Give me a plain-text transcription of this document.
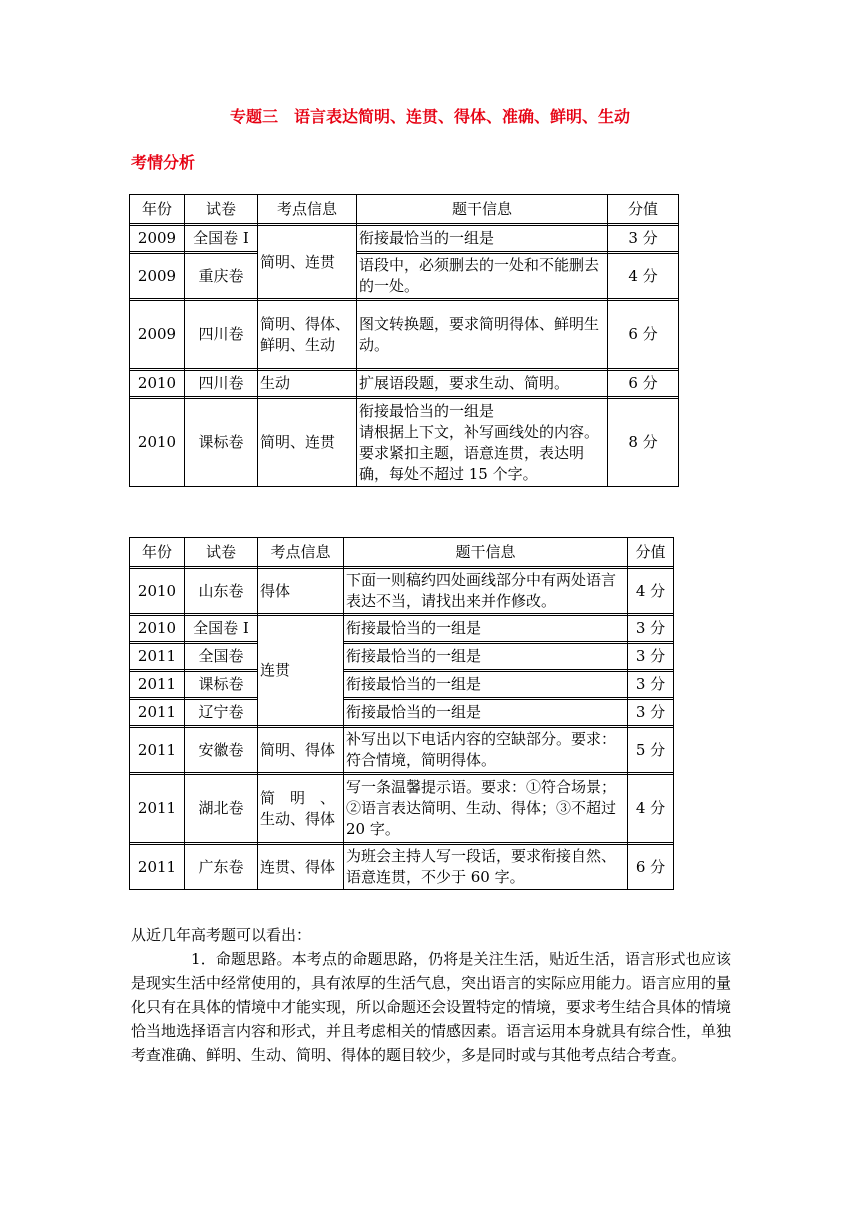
专题三　语言表达简明、连贯、得体、准确、鲜明、生动
考情分析
年份	试卷	考点信息	题干信息	分值

2009	全国卷 I	简明、连贯	衔接最恰当的一组是	3 分

2009	重庆卷		语段中，必须删去的一处和不能删去的一处。	4 分

2009	四川卷	简明、得体、鲜明、生动	图文转换题，要求简明得体、鲜明生动。	6 分

2010	四川卷	生动	扩展语段题，要求生动、简明。	6 分

2010	课标卷	简明、连贯	衔接最恰当的一组是
请根据上下文，补写画线处的内容。要求紧扣主题，语意连贯，表达明确，每处不超过 15 个字。	8 分
年份	试卷	考点信息	题干信息	分值

2010	山东卷	得体	下面一则稿约四处画线部分中有两处语言表达不当，请找出来并作修改。	4 分

2010	全国卷 I	连贯	衔接最恰当的一组是	3 分

2011	全国卷		衔接最恰当的一组是	3 分

2011	课标卷		衔接最恰当的一组是	3 分

2011	辽宁卷		衔接最恰当的一组是	3 分

2011	安徽卷	简明、得体	补写出以下电话内容的空缺部分。要求：符合情境，简明得体。	5 分

2011	湖北卷	简　明　、生动、得体	写一条温馨提示语。要求：①符合场景；②语言表达简明、生动、得体；③不超过 20 字。	4 分

2011	广东卷	连贯、得体	为班会主持人写一段话，要求衔接自然、语意连贯，不少于 60 字。	6 分
从近几年高考题可以看出：
1．命题思路。本考点的命题思路，仍将是关注生活，贴近生活，语言形式也应该是现实生活中经常使用的，具有浓厚的生活气息，突出语言的实际应用能力。语言应用的量化只有在具体的情境中才能实现，所以命题还会设置特定的情境，要求考生结合具体的情境恰当地选择语言内容和形式，并且考虑相关的情感因素。语言运用本身就具有综合性，单独考查准确、鲜明、生动、简明、得体的题目较少，多是同时或与其他考点结合考查。
